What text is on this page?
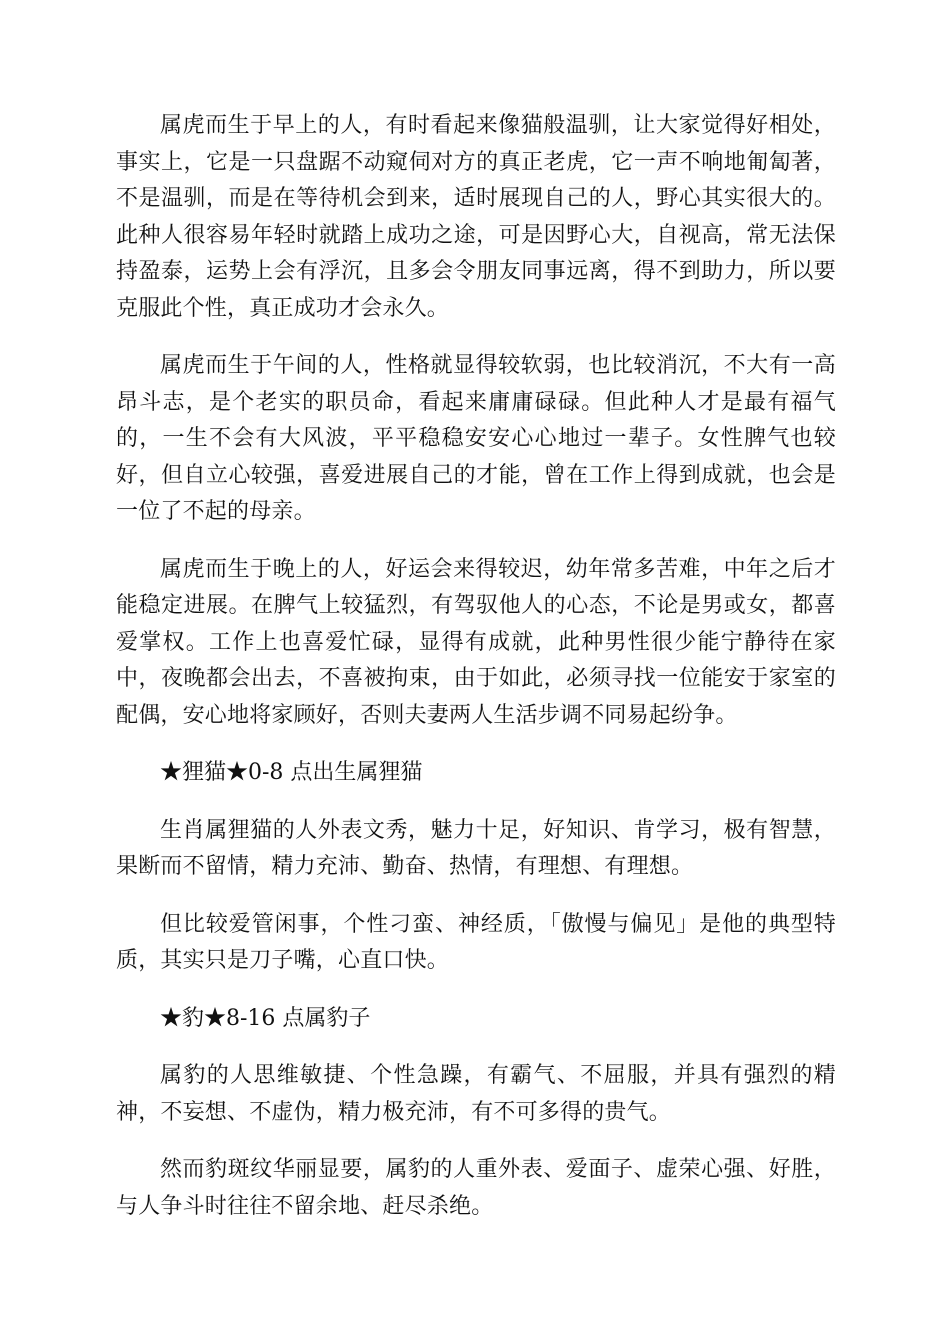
属虎而生于早上的人，有时看起来像猫般温驯，让大家觉得好相处，事实上，它是一只盘踞不动窥伺对方的真正老虎，它一声不响地匍匐著，不是温驯，而是在等待机会到来，适时展现自己的人，野心其实很大的。此种人很容易年轻时就踏上成功之途，可是因野心大，自视高，常无法保持盈泰，运势上会有浮沉，且多会令朋友同事远离，得不到助力，所以要克服此个性，真正成功才会永久。

属虎而生于午间的人，性格就显得较软弱，也比较消沉，不大有一高昂斗志，是个老实的职员命，看起来庸庸碌碌。但此种人才是最有福气的，一生不会有大风波，平平稳稳安安心心地过一辈子。女性脾气也较好，但自立心较强，喜爱进展自己的才能，曾在工作上得到成就，也会是一位了不起的母亲。

属虎而生于晚上的人，好运会来得较迟，幼年常多苦难，中年之后才能稳定进展。在脾气上较猛烈，有驾驭他人的心态，不论是男或女，都喜爱掌权。工作上也喜爱忙碌，显得有成就，此种男性很少能宁静待在家中，夜晚都会出去，不喜被拘束，由于如此，必须寻找一位能安于家室的配偶，安心地将家顾好，否则夫妻两人生活步调不同易起纷争。

★狸猫★0-8 点出生属狸猫

生肖属狸猫的人外表文秀，魅力十足，好知识、肯学习，极有智慧，果断而不留情，精力充沛、勤奋、热情，有理想、有理想。

但比较爱管闲事，个性刁蛮、神经质，「傲慢与偏见」是他的典型特质，其实只是刀子嘴，心直口快。

★豹★8-16 点属豹子

属豹的人思维敏捷、个性急躁，有霸气、不屈服，并具有强烈的精神，不妄想、不虚伪，精力极充沛，有不可多得的贵气。

然而豹斑纹华丽显要，属豹的人重外表、爱面子、虚荣心强、好胜，与人争斗时往往不留余地、赶尽杀绝。
